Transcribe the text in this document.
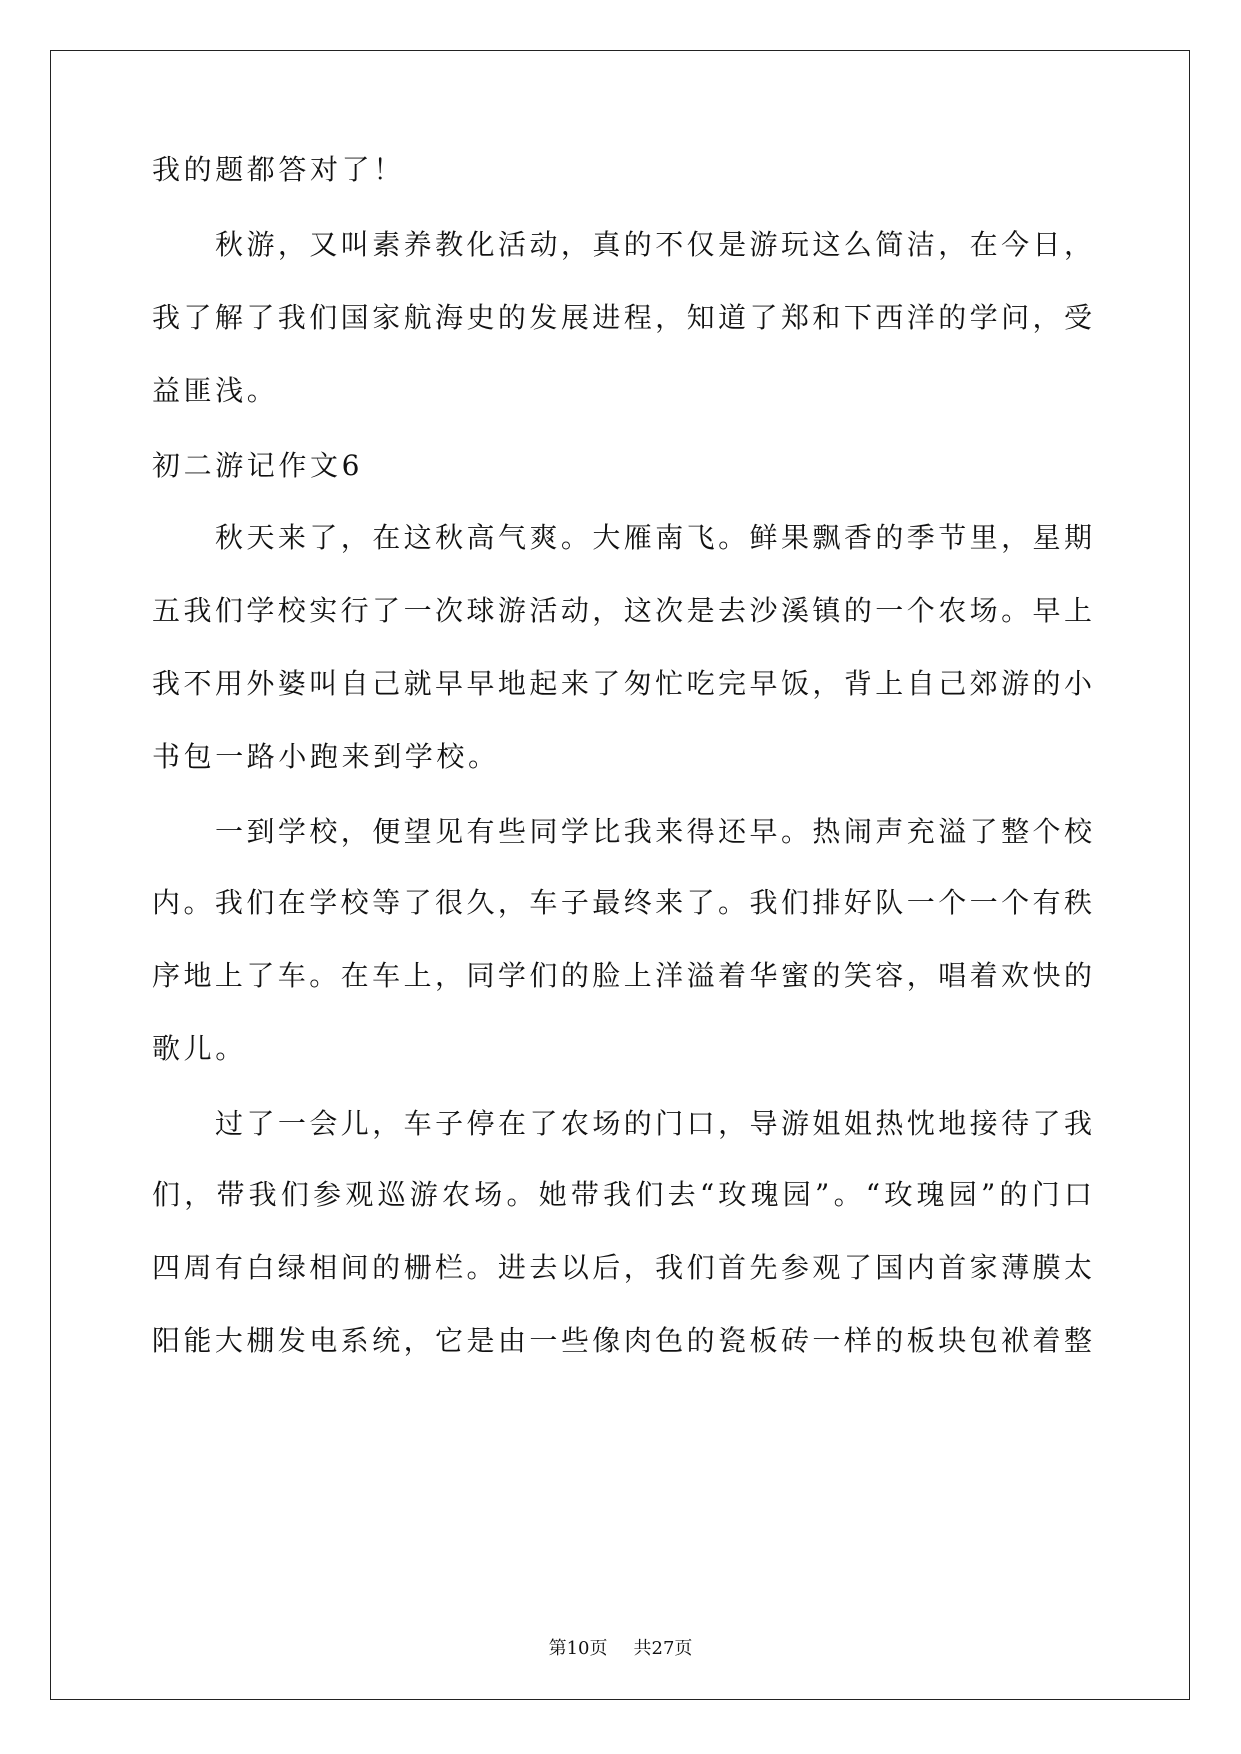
我的题都答对了！
秋游，又叫素养教化活动，真的不仅是游玩这么简洁，在今日，
我了解了我们国家航海史的发展进程，知道了郑和下西洋的学问，受
益匪浅。
初二游记作文6
秋天来了，在这秋高气爽。大雁南飞。鲜果飘香的季节里，星期
五我们学校实行了一次球游活动，这次是去沙溪镇的一个农场。早上
我不用外婆叫自己就早早地起来了匆忙吃完早饭，背上自己郊游的小
书包一路小跑来到学校。
一到学校，便望见有些同学比我来得还早。热闹声充溢了整个校
内。我们在学校等了很久，车子最终来了。我们排好队一个一个有秩
序地上了车。在车上，同学们的脸上洋溢着华蜜的笑容，唱着欢快的
歌儿。
过了一会儿，车子停在了农场的门口，导游姐姐热忱地接待了我
们，带我们参观巡游农场。她带我们去“玫瑰园”。“玫瑰园”的门口
四周有白绿相间的栅栏。进去以后，我们首先参观了国内首家薄膜太
阳能大棚发电系统，它是由一些像肉色的瓷板砖一样的板块包袱着整
第10页 共27页
